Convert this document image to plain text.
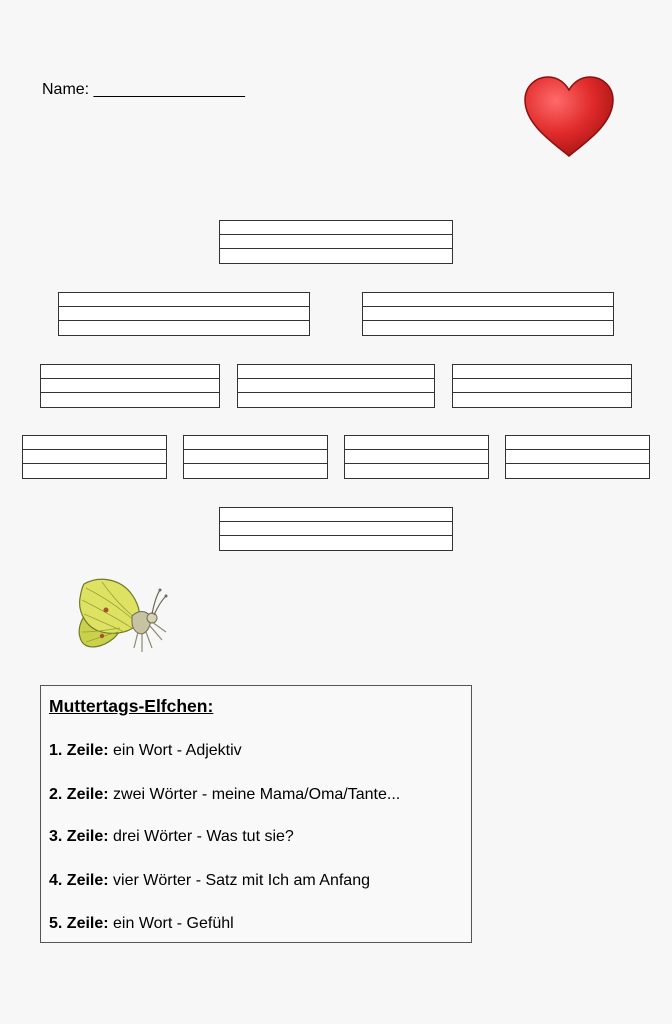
Name: _________________
Muttertags-Elfchen:
1. Zeile: ein Wort - Adjektiv
2. Zeile: zwei Wörter - meine Mama/Oma/Tante...
3. Zeile: drei Wörter - Was tut sie?
4. Zeile: vier Wörter - Satz mit Ich am Anfang
5. Zeile: ein Wort - Gefühl
